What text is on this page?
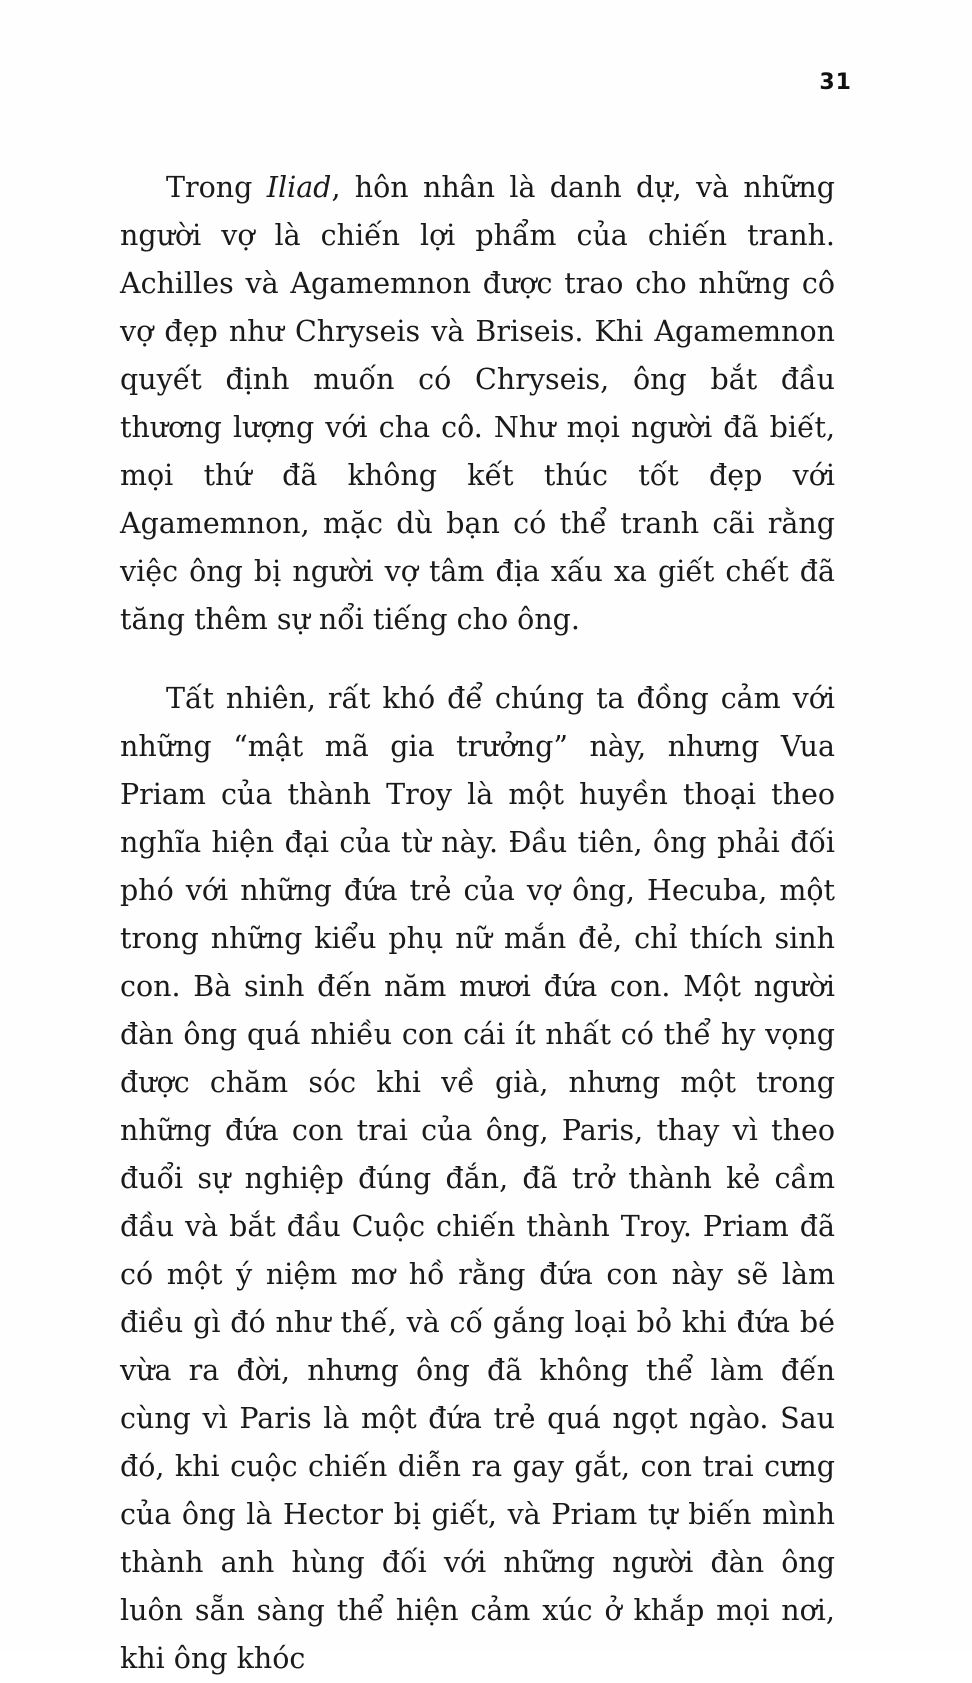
31

Trong Iliad, hôn nhân là danh dự, và những người vợ là chiến lợi phẩm của chiến tranh. Achilles và Agamemnon được trao cho những cô vợ đẹp như Chryseis và Briseis. Khi Agamemnon quyết định muốn có Chryseis, ông bắt đầu thương lượng với cha cô. Như mọi người đã biết, mọi thứ đã không kết thúc tốt đẹp với Agamemnon, mặc dù bạn có thể tranh cãi rằng việc ông bị người vợ tâm địa xấu xa giết chết đã tăng thêm sự nổi tiếng cho ông.

Tất nhiên, rất khó để chúng ta đồng cảm với những “mật mã gia trưởng” này, nhưng Vua Priam của thành Troy là một huyền thoại theo nghĩa hiện đại của từ này. Đầu tiên, ông phải đối phó với những đứa trẻ của vợ ông, Hecuba, một trong những kiểu phụ nữ mắn đẻ, chỉ thích sinh con. Bà sinh đến năm mươi đứa con. Một người đàn ông quá nhiều con cái ít nhất có thể hy vọng được chăm sóc khi về già, nhưng một trong những đứa con trai của ông, Paris, thay vì theo đuổi sự nghiệp đúng đắn, đã trở thành kẻ cầm đầu và bắt đầu Cuộc chiến thành Troy. Priam đã có một ý niệm mơ hồ rằng đứa con này sẽ làm điều gì đó như thế, và cố gắng loại bỏ khi đứa bé vừa ra đời, nhưng ông đã không thể làm đến cùng vì Paris là một đứa trẻ quá ngọt ngào. Sau đó, khi cuộc chiến diễn ra gay gắt, con trai cưng của ông là Hector bị giết, và Priam tự biến mình thành anh hùng đối với những người đàn ông luôn sẵn sàng thể hiện cảm xúc ở khắp mọi nơi, khi ông khóc
